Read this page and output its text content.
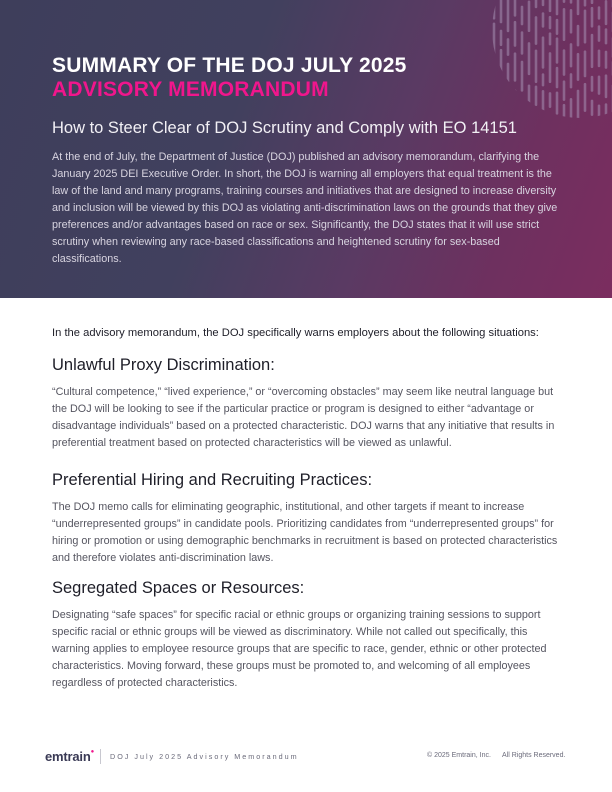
SUMMARY OF THE DOJ JULY 2025
ADVISORY MEMORANDUM
How to Steer Clear of DOJ Scrutiny and Comply with EO 14151

At the end of July, the Department of Justice (DOJ) published an advisory memorandum, clarifying the January 2025 DEI Executive Order. In short, the DOJ is warning all employers that equal treatment is the law of the land and many programs, training courses and initiatives that are designed to increase diversity and inclusion will be viewed by this DOJ as violating anti-discrimination laws on the grounds that they give preferences and/or advantages based on race or sex. Significantly, the DOJ states that it will use strict scrutiny when reviewing any race-based classifications and heightened scrutiny for sex-based classifications.

In the advisory memorandum, the DOJ specifically warns employers about the following situations:

Unlawful Proxy Discrimination:

“Cultural competence,” “lived experience,” or “overcoming obstacles” may seem like neutral language but the DOJ will be looking to see if the particular practice or program is designed to either “advantage or disadvantage individuals” based on a protected characteristic. DOJ warns that any initiative that results in preferential treatment based on protected characteristics will be viewed as unlawful.

Preferential Hiring and Recruiting Practices:

The DOJ memo calls for eliminating geographic, institutional, and other targets if meant to increase “underrepresented groups” in candidate pools. Prioritizing candidates from “underrepresented groups” for hiring or promotion or using demographic benchmarks in recruitment is based on protected characteristics and therefore violates anti-discrimination laws.

Segregated Spaces or Resources:

Designating “safe spaces” for specific racial or ethnic groups or organizing training sessions to support specific racial or ethnic groups will be viewed as discriminatory. While not called out specifically, this warning applies to employee resource groups that are specific to race, gender, ethnic or other protected characteristics. Moving forward, these groups must be promoted to, and welcoming of all employees regardless of protected characteristics.

emtrain● DOJ July 2025 Advisory Memorandum	© 2025 Emtrain, Inc. All Rights Reserved.
